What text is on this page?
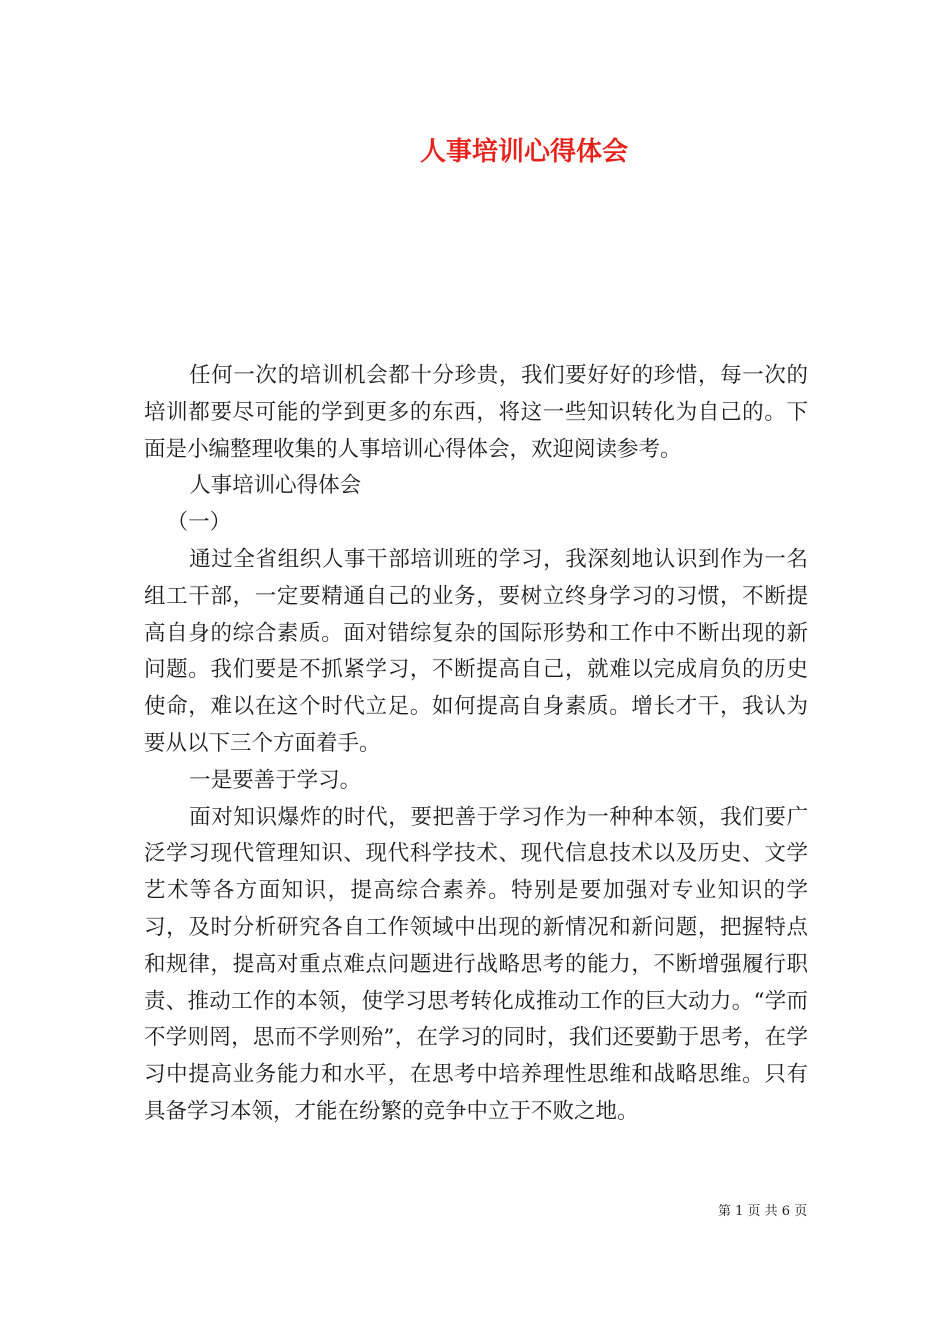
人事培训心得体会

任何一次的培训机会都十分珍贵，我们要好好的珍惜，每一次的培训都要尽可能的学到更多的东西，将这一些知识转化为自己的。下面是小编整理收集的人事培训心得体会，欢迎阅读参考。

人事培训心得体会

（一）

通过全省组织人事干部培训班的学习，我深刻地认识到作为一名组工干部，一定要精通自己的业务，要树立终身学习的习惯，不断提高自身的综合素质。面对错综复杂的国际形势和工作中不断出现的新问题。我们要是不抓紧学习，不断提高自己，就难以完成肩负的历史使命，难以在这个时代立足。如何提高自身素质。增长才干，我认为要从以下三个方面着手。

一是要善于学习。

面对知识爆炸的时代，要把善于学习作为一种种本领，我们要广泛学习现代管理知识、现代科学技术、现代信息技术以及历史、文学艺术等各方面知识，提高综合素养。特别是要加强对专业知识的学习，及时分析研究各自工作领域中出现的新情况和新问题，把握特点和规律，提高对重点难点问题进行战略思考的能力，不断增强履行职责、推动工作的本领，使学习思考转化成推动工作的巨大动力。“学而不学则罔，思而不学则殆”，在学习的同时，我们还要勤于思考，在学习中提高业务能力和水平，在思考中培养理性思维和战略思维。只有具备学习本领，才能在纷繁的竞争中立于不败之地。

第 1 页 共 6 页
